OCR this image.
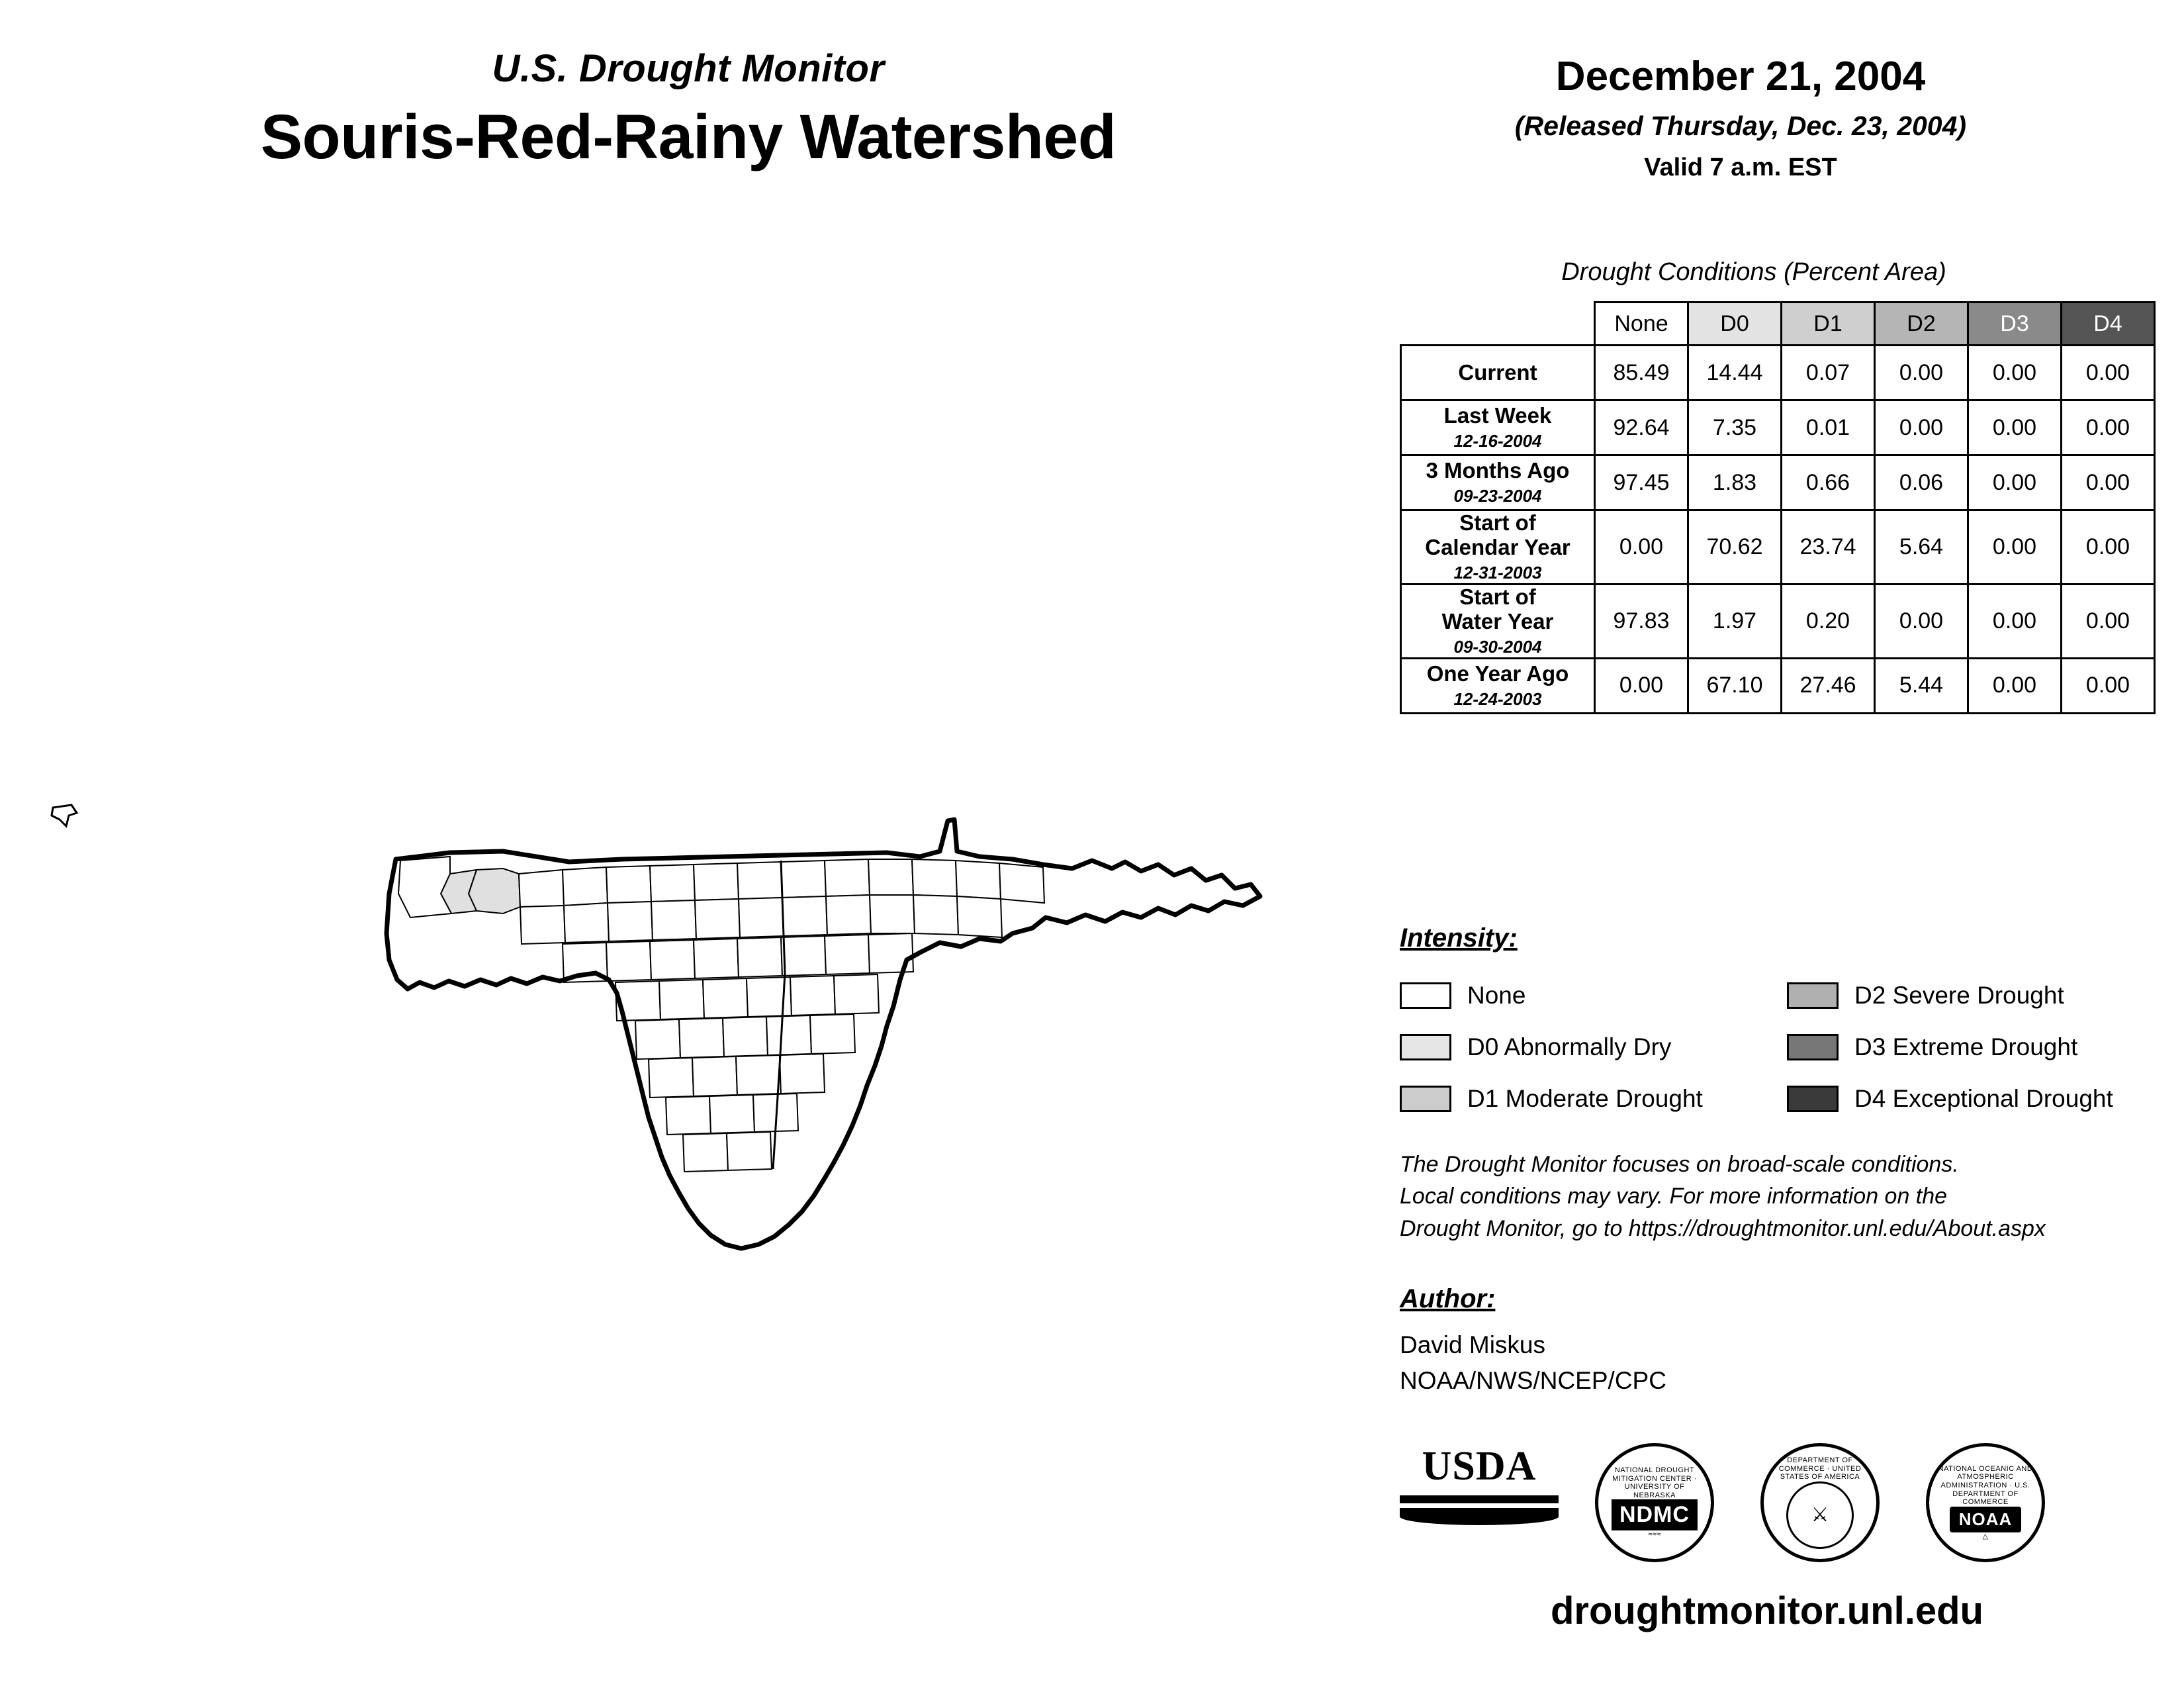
U.S. Drought Monitor
Souris-Red-Rainy Watershed
December 21, 2004
(Released Thursday, Dec. 23, 2004)
Valid 7 a.m. EST
Drought Conditions (Percent Area)
	None	D0	D1	D2	D3	D4

Current	85.49	14.44	0.07	0.00	0.00	0.00

Last Week
12-16-2004	92.64	7.35	0.01	0.00	0.00	0.00

3 Months Ago
09-23-2004	97.45	1.83	0.66	0.06	0.00	0.00

Start of
Calendar Year
12-31-2003	0.00	70.62	23.74	5.64	0.00	0.00

Start of
Water Year
09-30-2004	97.83	1.97	0.20	0.00	0.00	0.00

One Year Ago
12-24-2003	0.00	67.10	27.46	5.44	0.00	0.00
Intensity:
None
D0 Abnormally Dry
D1 Moderate Drought
D2 Severe Drought
D3 Extreme Drought
D4 Exceptional Drought
The Drought Monitor focuses on broad-scale conditions.
Local conditions may vary. For more information on the
Drought Monitor, go to https://droughtmonitor.unl.edu/About.aspx
Author:
David Miskus
NOAA/NWS/NCEP/CPC
USDA	NATIONAL DROUGHT MITIGATION CENTER · UNIVERSITY OF NEBRASKA
NDMC
≈≈≈
DEPARTMENT OF COMMERCE · UNITED STATES OF AMERICA
⚔
NATIONAL OCEANIC AND ATMOSPHERIC ADMINISTRATION · U.S. DEPARTMENT OF COMMERCE
NOAA
△
droughtmonitor.unl.edu
